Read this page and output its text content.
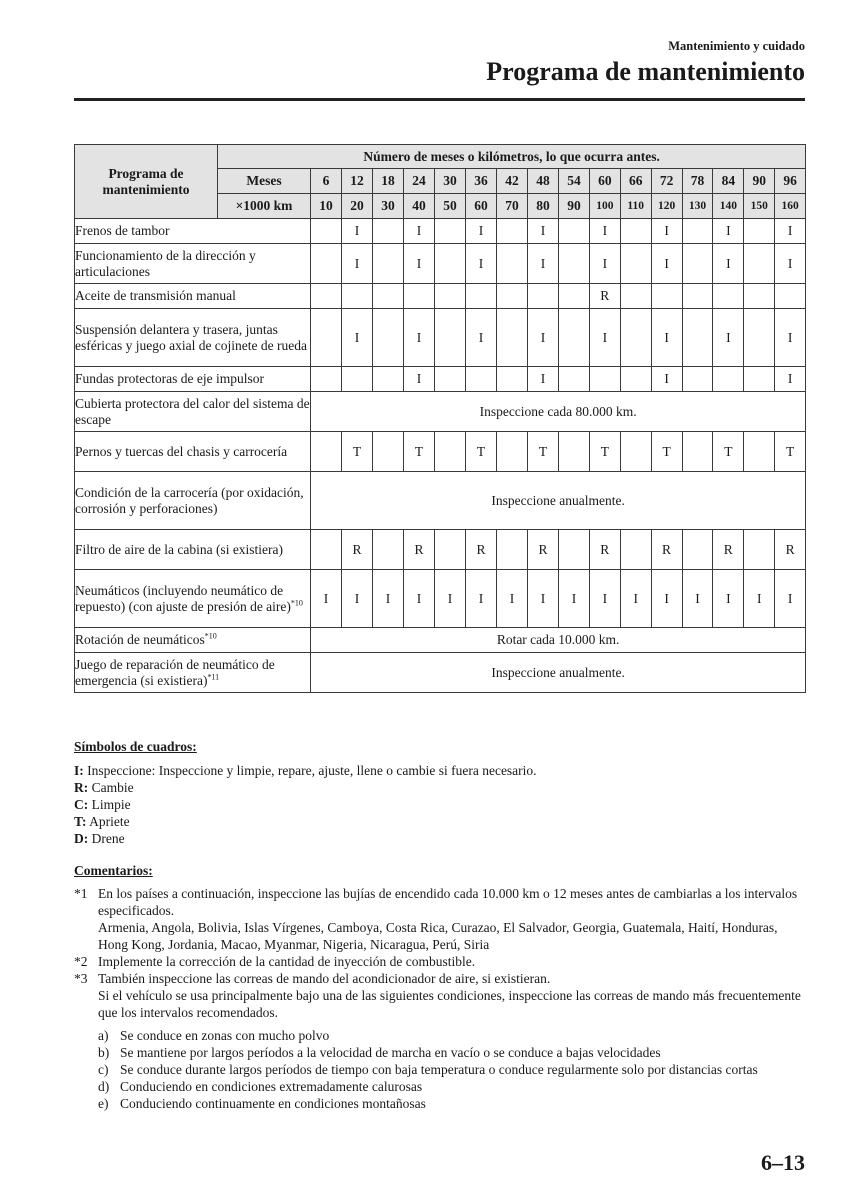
Mantenimiento y cuidado
Programa de mantenimiento
Programa de mantenimiento	Número de meses o kilómetros, lo que ocurra antes.																
	Meses	6	12	18	24	30	36	42	48	54	60	66	72	78	84	90	96
	×1000 km	10	20	30	40	50	60	70	80	90	100	110	120	130	140	150	160
Frenos de tambor			I		I		I		I		I		I		I		I
Funcionamiento de la dirección y articulaciones			I		I		I		I		I		I		I		I
Aceite de transmisión manual											R						
Suspensión delantera y trasera, juntas esféricas y juego axial de cojinete de rueda			I		I		I		I		I		I		I		I
Fundas protectoras de eje impulsor					I				I				I				I
Cubierta protectora del calor del sistema de escape		Inspeccione cada 80.000 km.															
Pernos y tuercas del chasis y carrocería			T		T		T		T		T		T		T		T
Condición de la carrocería (por oxidación, corrosión y perforaciones)		Inspeccione anualmente.															
Filtro de aire de la cabina (si existiera)			R		R		R		R		R		R		R		R
Neumáticos (incluyendo neumático de repuesto) (con ajuste de presión de aire)$^{*10}$		I	I	I	I	I	I	I	I	I	I	I	I	I	I	I	I
Rotación de neumáticos$^{*10}$		Rotar cada 10.000 km.															
Juego de reparación de neumático de emergencia (si existiera)$^{*11}$		Inspeccione anualmente.															
Símbolos de cuadros:
I: Inspeccione: Inspeccione y limpie, repare, ajuste, llene o cambie si fuera necesario.
R: Cambie
C: Limpie
T: Apriete
D: Drene
Comentarios:
*1 En los países a continuación, inspeccione las bujías de encendido cada 10.000 km o 12 meses antes de cambiarlas a los intervalos especificados.
Armenia, Angola, Bolivia, Islas Vírgenes, Camboya, Costa Rica, Curazao, El Salvador, Georgia, Guatemala, Haití, Honduras, Hong Kong, Jordania, Macao, Myanmar, Nigeria, Nicaragua, Perú, Siria
*2 Implemente la corrección de la cantidad de inyección de combustible.
*3 También inspeccione las correas de mando del acondicionador de aire, si existieran.
Si el vehículo se usa principalmente bajo una de las siguientes condiciones, inspeccione las correas de mando más frecuentemente que los intervalos recomendados.
a) Se conduce en zonas con mucho polvo
b) Se mantiene por largos períodos a la velocidad de marcha en vacío o se conduce a bajas velocidades
c) Se conduce durante largos períodos de tiempo con baja temperatura o conduce regularmente solo por distancias cortas
d) Conduciendo en condiciones extremadamente calurosas
e) Conduciendo continuamente en condiciones montañosas
6–13
